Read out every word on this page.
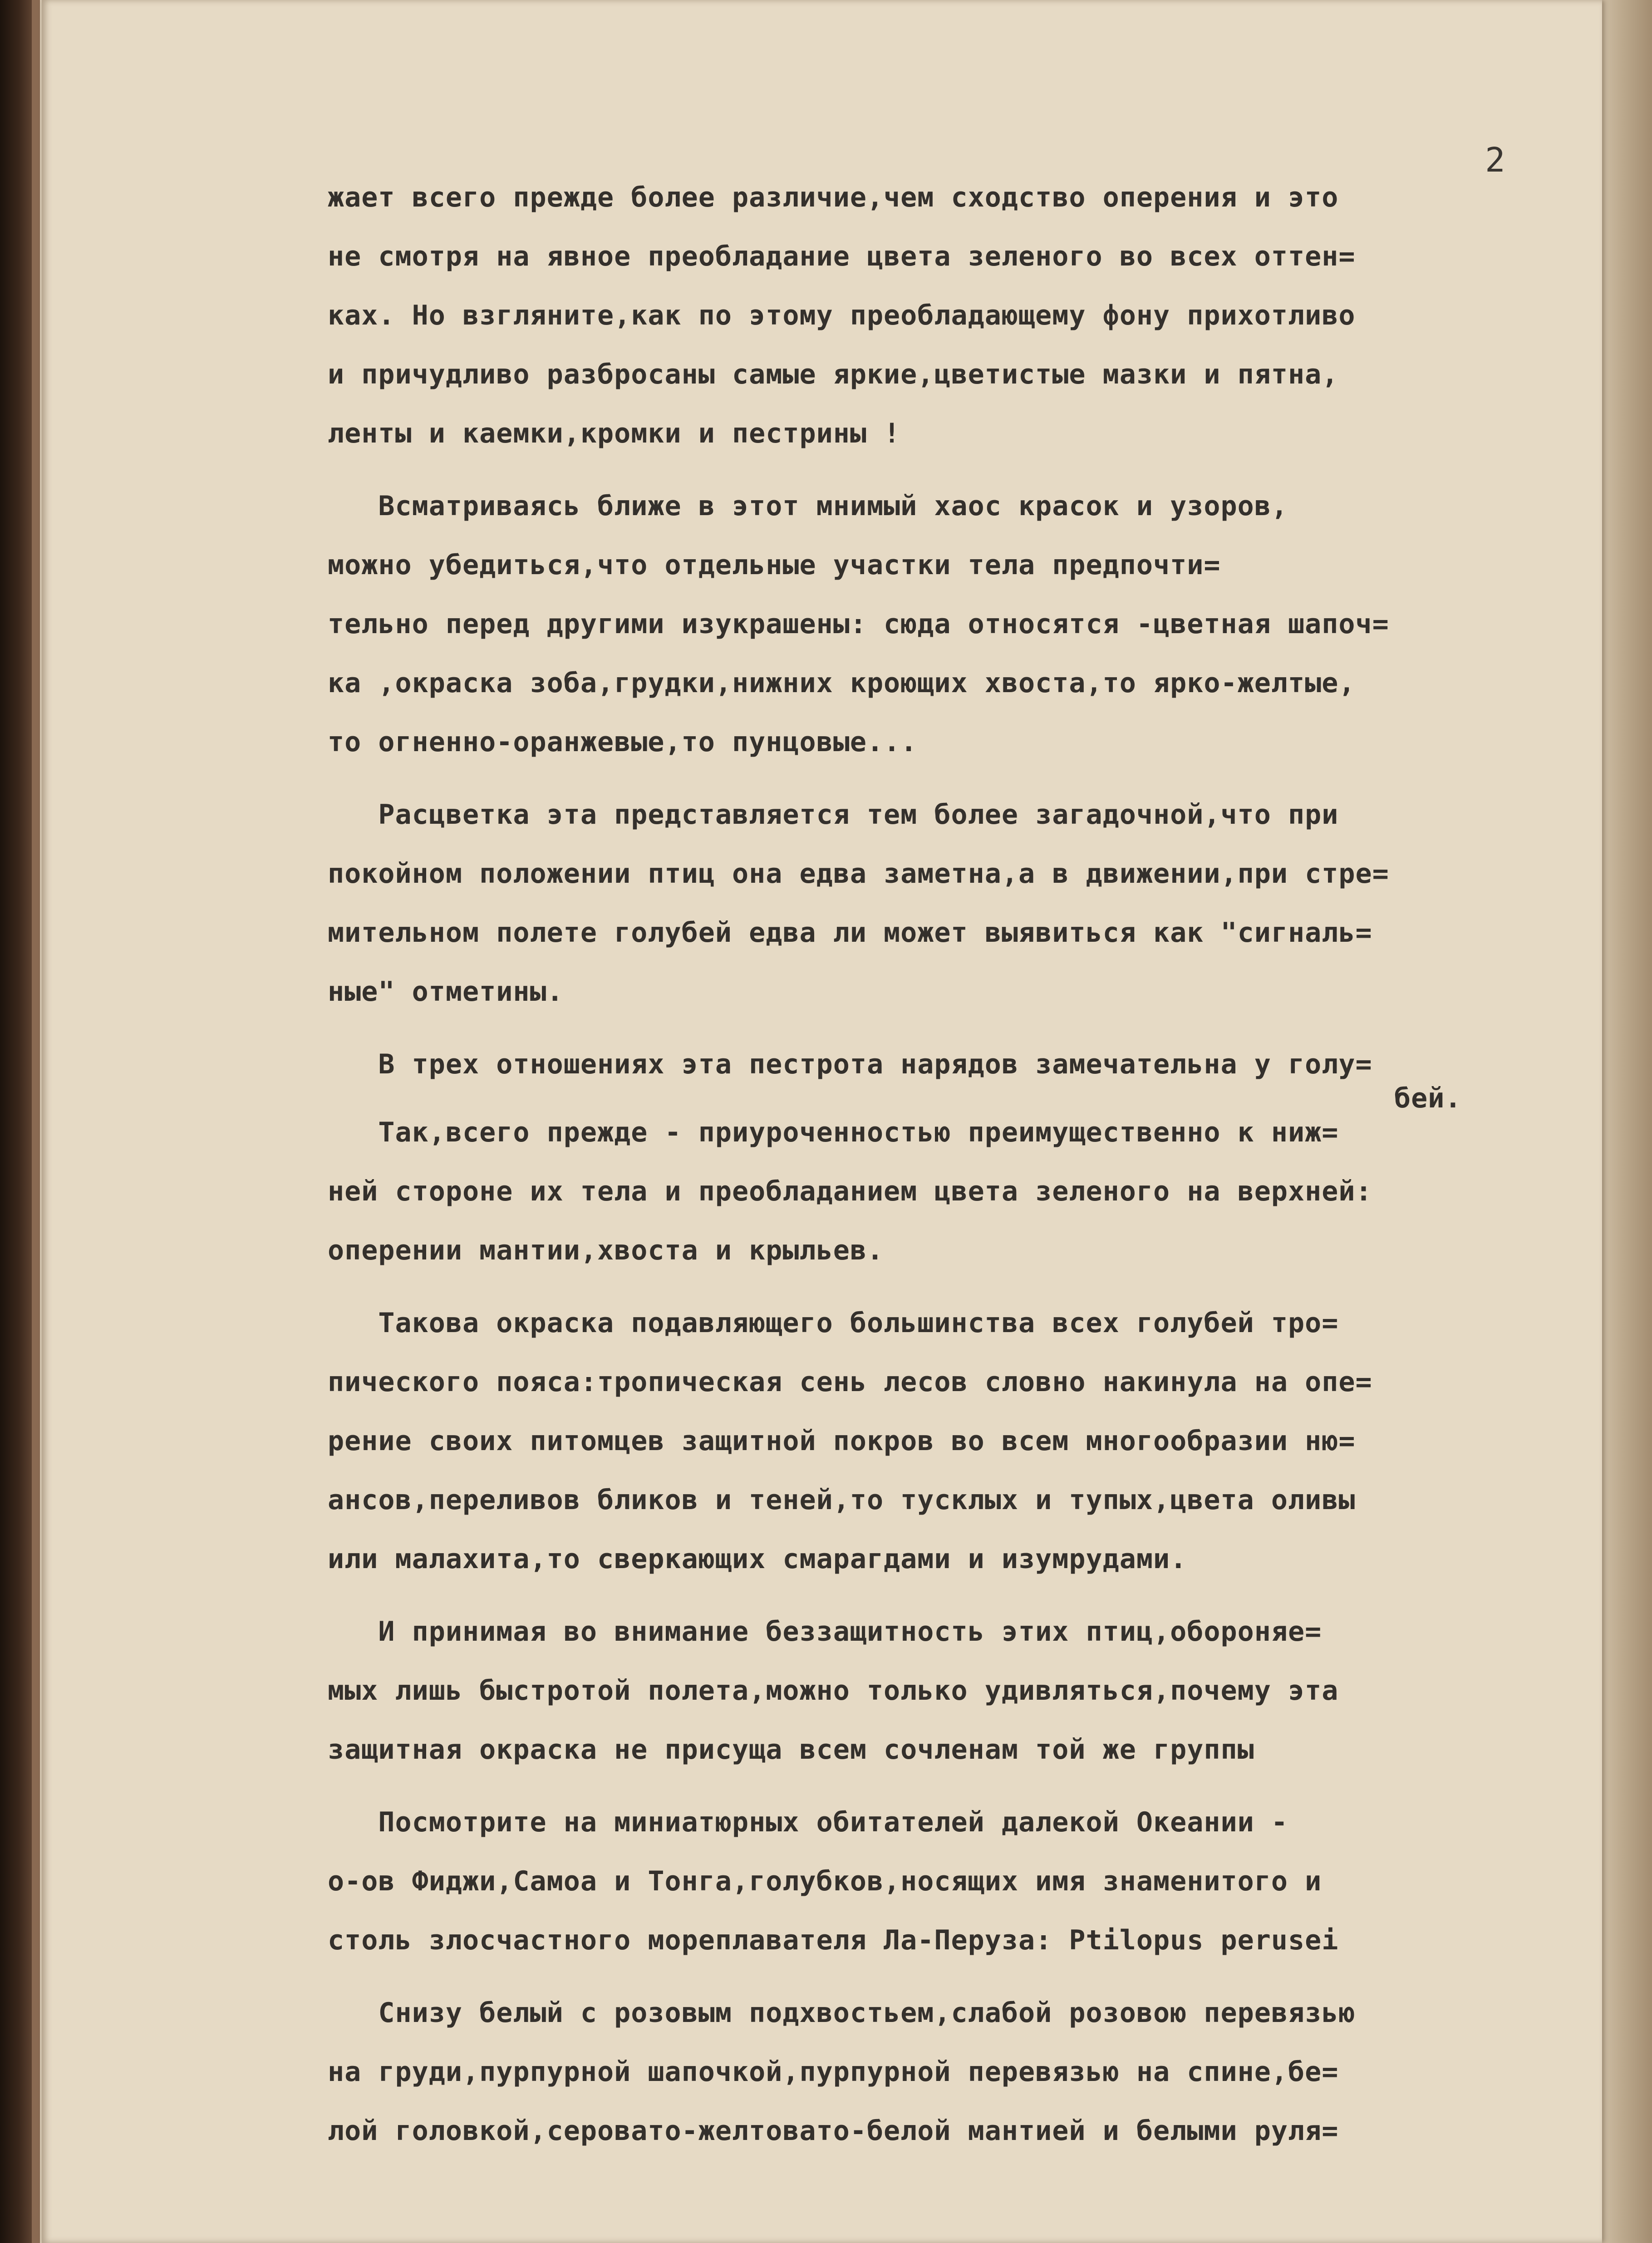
2
жает всего прежде более различие,чем сходство оперения и это
не смотря на явное преобладание цвета зеленого во всех оттен=
ках. Но взгляните,как по этому преобладающему фону прихотливо
и причудливо разбросаны самые яркие,цветистые мазки и пятна,
ленты и каемки,кромки и пестрины !
Всматриваясь ближе в этот мнимый хаос красок и узоров,
можно убедиться,что отдельные участки тела предпочти=
тельно перед другими изукрашены: сюда относятся -цветная шапоч=
ка ,окраска зоба,грудки,нижних кроющих хвоста,то ярко-желтые,
то огненно-оранжевые,то пунцовые...
Расцветка эта представляется тем более загадочной,что при
покойном положении птиц она едва заметна,а в движении,при стре=
мительном полете голубей едва ли может выявиться как "сигналь=
ные" отметины.
В трех отношениях эта пестрота нарядов замечательна у голу=
бей.
Так,всего прежде - приуроченностью преимущественно к ниж=
ней стороне их тела и преобладанием цвета зеленого на верхней:
оперении мантии,хвоста и крыльев.
Такова окраска подавляющего большинства всех голубей тро=
пического пояса:тропическая сень лесов словно накинула на опе=
рение своих питомцев защитной покров во всем многообразии ню=
ансов,переливов бликов и теней,то тусклых и тупых,цвета оливы
или малахита,то сверкающих смарагдами и изумрудами.
И принимая во внимание беззащитность этих птиц,обороняе=
мых лишь быстротой полета,можно только удивляться,почему эта
защитная окраска не присуща всем сочленам той же группы
Посмотрите на миниатюрных обитателей далекой Океании -
о-ов Фиджи,Самоа и Тонга,голубков,носящих имя знаменитого и
столь злосчастного мореплавателя Ла-Перуза: Ptilopus perusei
Снизу белый с розовым подхвостьем,слабой розовою перевязью
на груди,пурпурной шапочкой,пурпурной перевязью на спине,бе=
лой головкой,серовато-желтовато-белой мантией и белыми руля=
